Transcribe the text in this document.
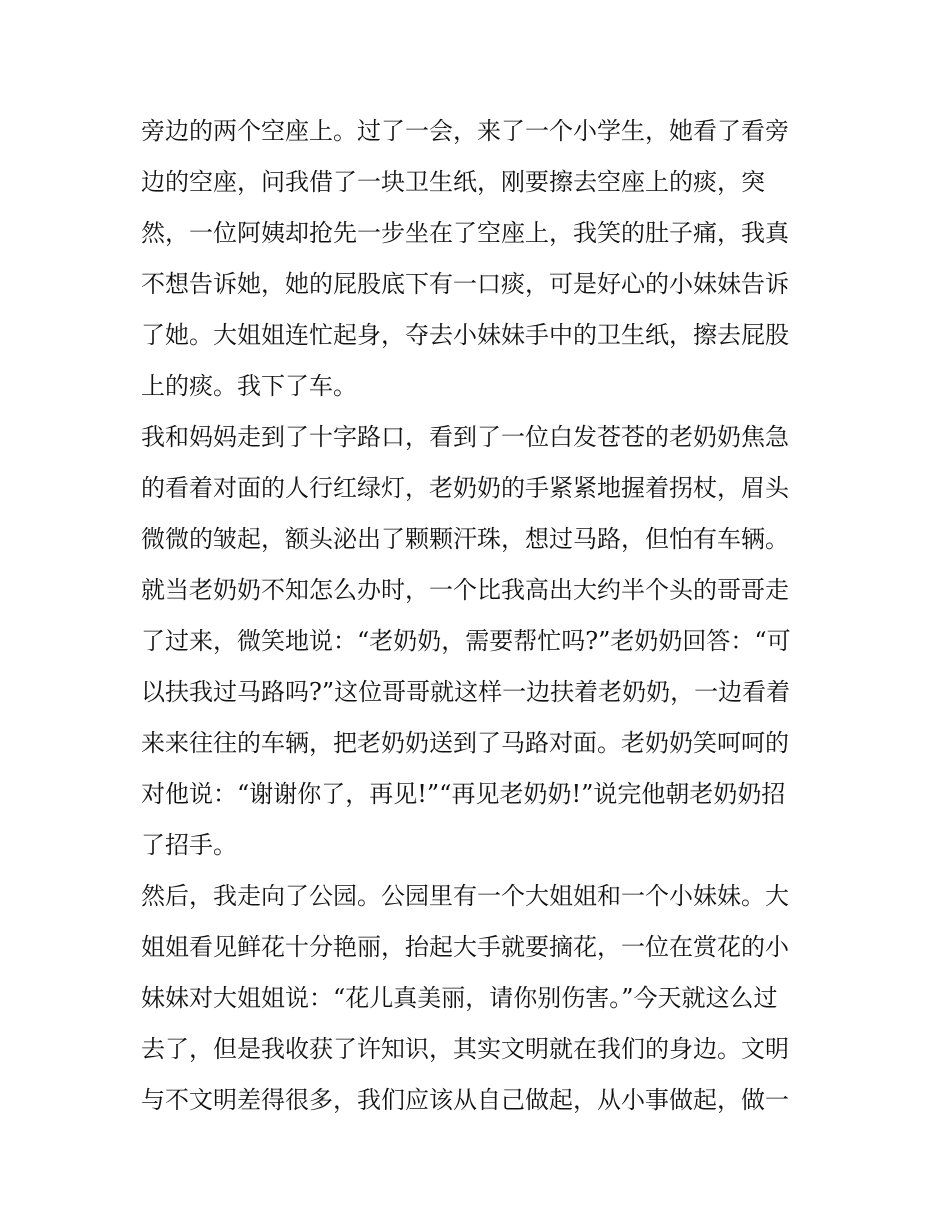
旁边的两个空座上。过了一会，来了一个小学生，她看了看旁
边的空座，问我借了一块卫生纸，刚要擦去空座上的痰，突
然，一位阿姨却抢先一步坐在了空座上，我笑的肚子痛，我真
不想告诉她，她的屁股底下有一口痰，可是好心的小妹妹告诉
了她。大姐姐连忙起身，夺去小妹妹手中的卫生纸，擦去屁股
上的痰。我下了车。
我和妈妈走到了十字路口，看到了一位白发苍苍的老奶奶焦急
的看着对面的人行红绿灯，老奶奶的手紧紧地握着拐杖，眉头
微微的皱起，额头泌出了颗颗汗珠，想过马路，但怕有车辆。
就当老奶奶不知怎么办时，一个比我高出大约半个头的哥哥走
了过来，微笑地说：“老奶奶，需要帮忙吗?”老奶奶回答：“可
以扶我过马路吗?”这位哥哥就这样一边扶着老奶奶，一边看着
来来往往的车辆，把老奶奶送到了马路对面。老奶奶笑呵呵的
对他说：“谢谢你了，再见!”“再见老奶奶!”说完他朝老奶奶招
了招手。
然后，我走向了公园。公园里有一个大姐姐和一个小妹妹。大
姐姐看见鲜花十分艳丽，抬起大手就要摘花，一位在赏花的小
妹妹对大姐姐说：“花儿真美丽，请你别伤害。”今天就这么过
去了，但是我收获了许知识，其实文明就在我们的身边。文明
与不文明差得很多，我们应该从自己做起，从小事做起，做一
